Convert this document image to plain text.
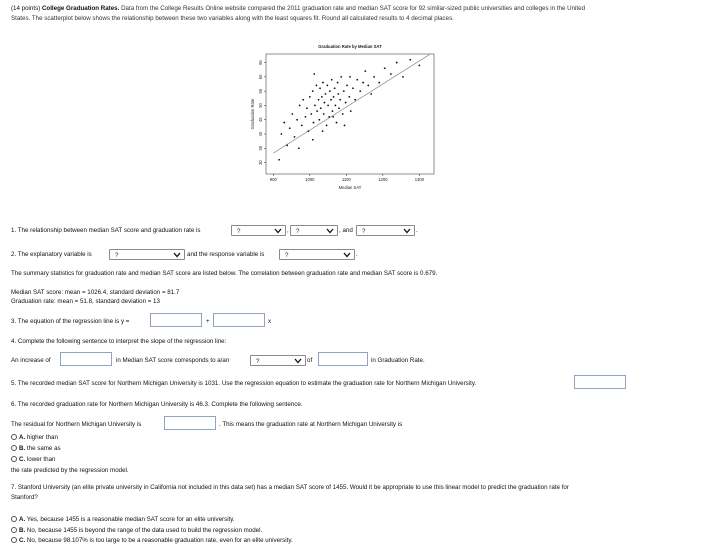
(14 points) College Graduation Rates. Data from the College Results Online website compared the 2011 graduation rate and median SAT score for 92 similar-sized public universities and colleges in the United
States. The scatterplot below shows the relationship between these two variables along with the least squares fit. Round all calculated results to 4 decimal places.
Graduation Rate by Median SAT
900	1000	1100	1200	1300
30
35
40
45
50
55
60
65
Median SAT
Graduation Rate
1. The relationship between median SAT score and graduation rate is	?	, ?	, and ?	.
2. The explanatory variable is	?	and the response variable is	?	.
The summary statistics for graduation rate and median SAT score are listed below. The correlation between graduation rate and median SAT score is 0.679.
Median SAT score: mean = 1026.4, standard deviation = 81.7
Graduation rate: mean = 51.8, standard deviation = 13
3. The equation of the regression line is y =	+	x
4. Complete the following sentence to interpret the slope of the regression line:
An increase of	in Median SAT score corresponds to a/an	?	of	in Graduation Rate.
5. The recorded median SAT score for Northern Michigan University is 1031. Use the regression equation to estimate the graduation rate for Northern Michigan University.
6. The recorded graduation rate for Northern Michigan University is 46.3. Complete the following sentence.
The residual for Northern Michigan University is	. This means the graduation rate at Northern Michigan University is
A. higher than
B. the same as
C. lower than
the rate predicted by the regression model.
7. Stanford University (an elite private university in California not included in this data set) has a median SAT score of 1455. Would it be appropriate to use this linear model to predict the graduation rate for
Stanford?
A. Yes, because 1455 is a reasonable median SAT score for an elite university.
B. No, because 1455 is beyond the range of the data used to build the regression model.
C. No, because 98.107% is too large to be a reasonable graduation rate, even for an elite university.
